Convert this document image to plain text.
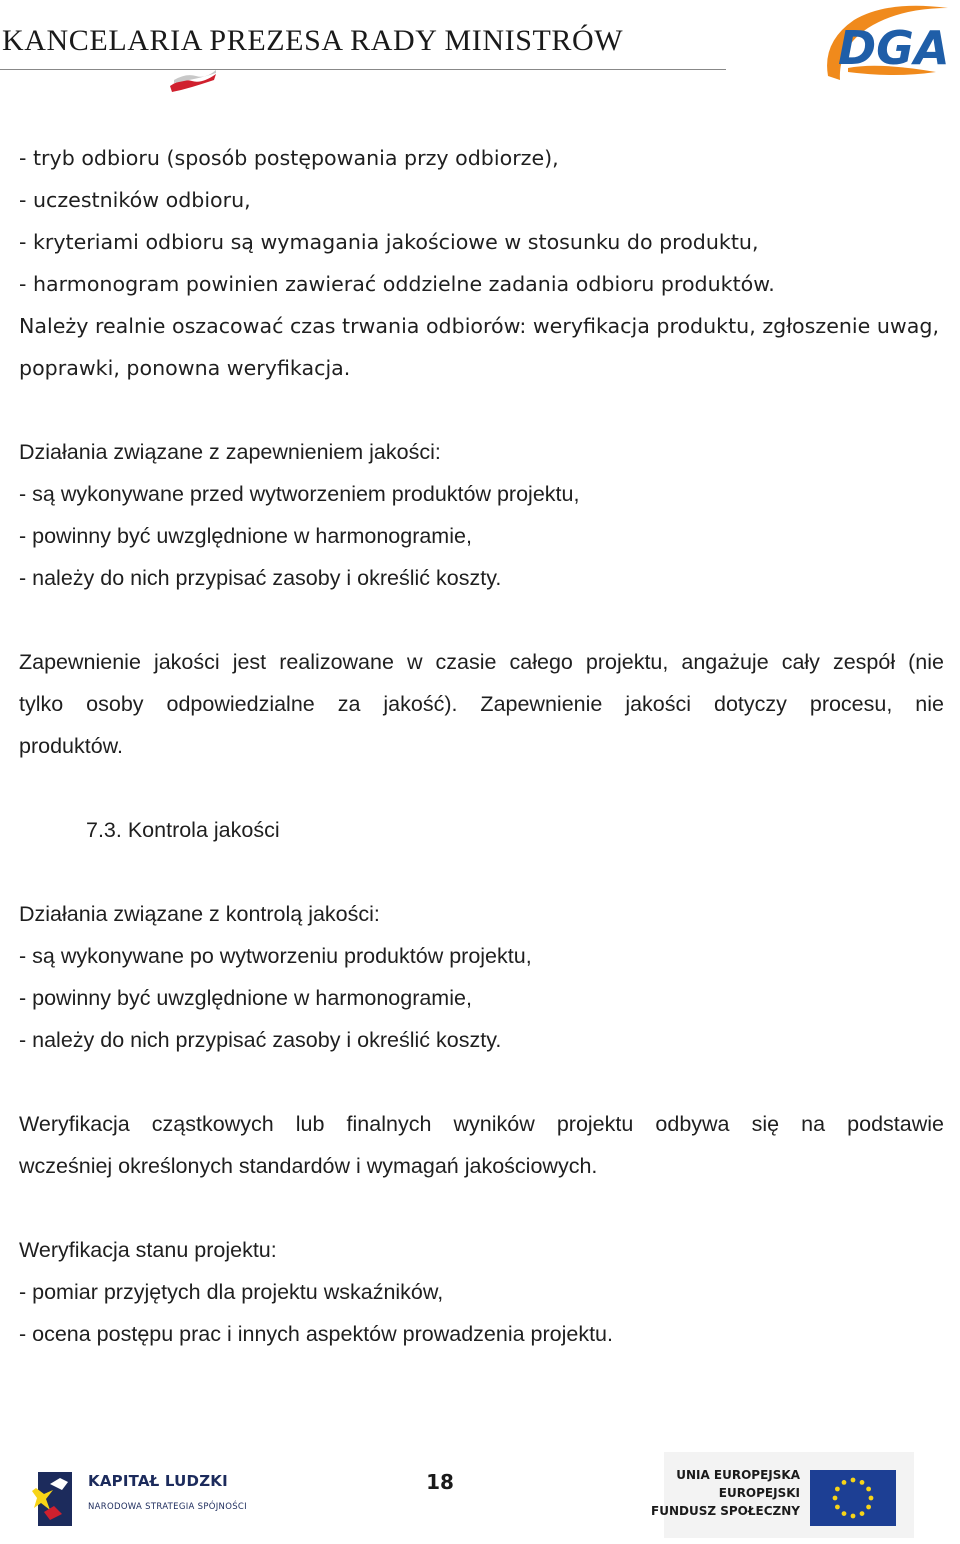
KANCELARIA PREZESA RADY MINISTRÓW	DGA

- tryb odbioru (sposób postępowania przy odbiorze),

- uczestników odbioru,

- kryteriami odbioru są wymagania jakościowe w stosunku do produktu,

- harmonogram powinien zawierać oddzielne zadania odbioru produktów.

Należy realnie oszacować czas trwania odbiorów: weryfikacja produktu, zgłoszenie uwag,

poprawki, ponowna weryfikacja.

Działania związane z zapewnieniem jakości:

- są wykonywane przed wytworzeniem produktów projektu,

- powinny być uwzględnione w harmonogramie,

- należy do nich przypisać zasoby i określić koszty.

Zapewnienie jakości jest realizowane w czasie całego projektu, angażuje cały zespół (nie

tylko osoby odpowiedzialne za jakość). Zapewnienie jakości dotyczy procesu, nie

produktów.

7.3. Kontrola jakości

Działania związane z kontrolą jakości:

- są wykonywane po wytworzeniu produktów projektu,

- powinny być uwzględnione w harmonogramie,

- należy do nich przypisać zasoby i określić koszty.

Weryfikacja cząstkowych lub finalnych wyników projektu odbywa się na podstawie

wcześniej określonych standardów i wymagań jakościowych.

Weryfikacja stanu projektu:

- pomiar przyjętych dla projektu wskaźników,

- ocena postępu prac i innych aspektów prowadzenia projektu.

KAPITAŁ LUDZKI

NARODOWA STRATEGIA SPÓJNOŚCI

18	UNIA EUROPEJSKA
EUROPEJSKI
FUNDUSZ SPOŁECZNY
